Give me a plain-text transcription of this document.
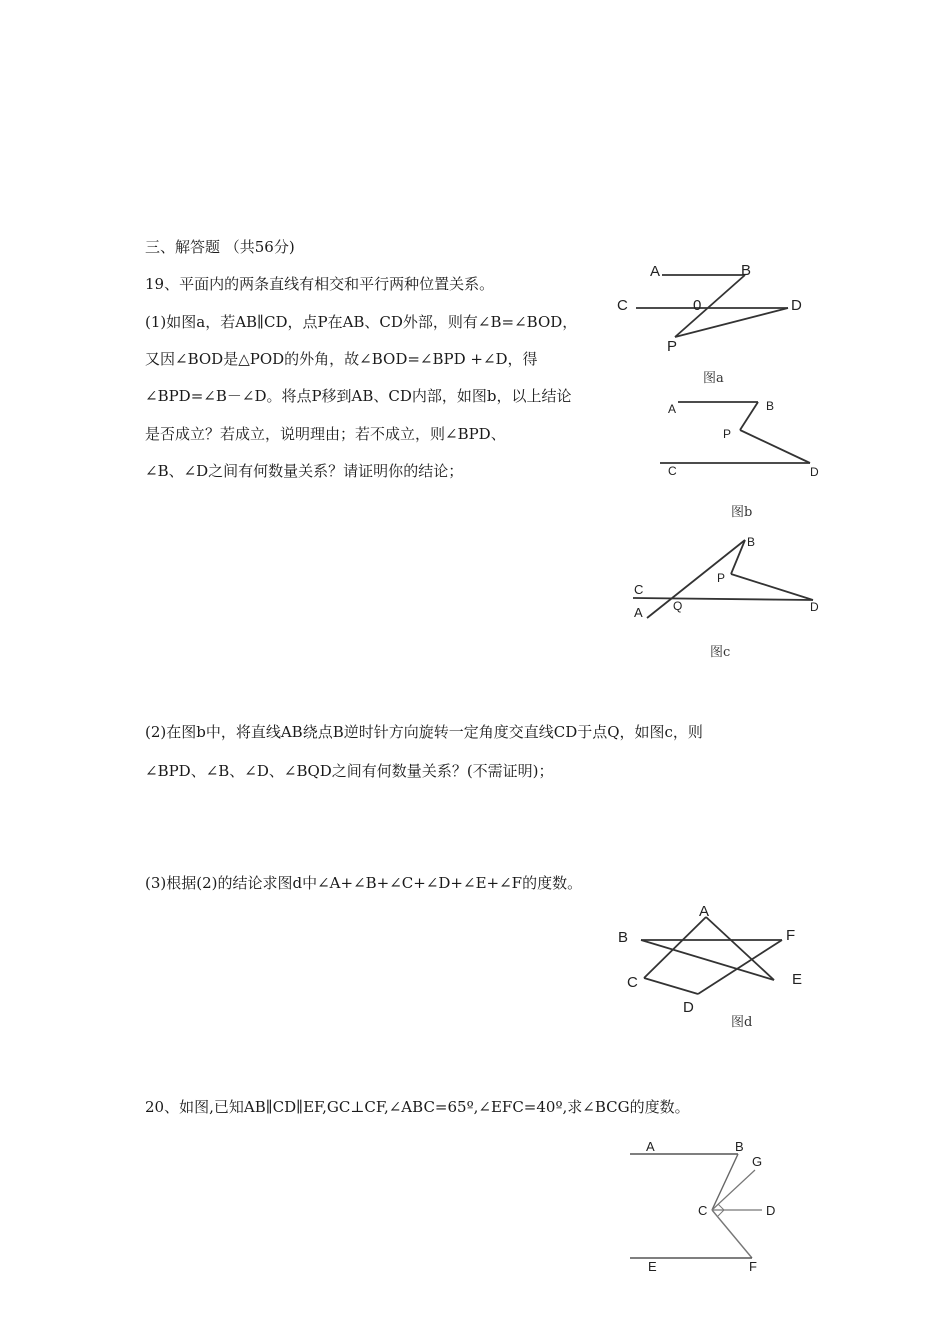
三、解答题 （共56分)
19、平面内的两条直线有相交和平行两种位置关系。
(1)如图a，若AB∥CD，点P在AB、CD外部，则有∠B=∠BOD，
又因∠BOD是△POD的外角，故∠BOD=∠BPD +∠D，得
∠BPD=∠B－∠D。将点P移到AB、CD内部，如图b，以上结论
是否成立？若成立，说明理由；若不成立，则∠BPD、
∠B、∠D之间有何数量关系？请证明你的结论；
(2)在图b中，将直线AB绕点B逆时针方向旋转一定角度交直线CD于点Q，如图c，则
∠BPD、∠B、∠D、∠BQD之间有何数量关系？(不需证明)；
(3)根据(2)的结论求图d中∠A+∠B+∠C+∠D+∠E+∠F的度数。
20、如图,已知AB∥CD∥EF,GC⊥CF,∠ABC=65º,∠EFC=40º,求∠BCG的度数。
A	B
C	0	D
P
图a
A	B
P
C	D
图b
B
P
C
A	Q	D
图c
A
B	F
C	E
D
图d
A	B
G
C	D
E	F
